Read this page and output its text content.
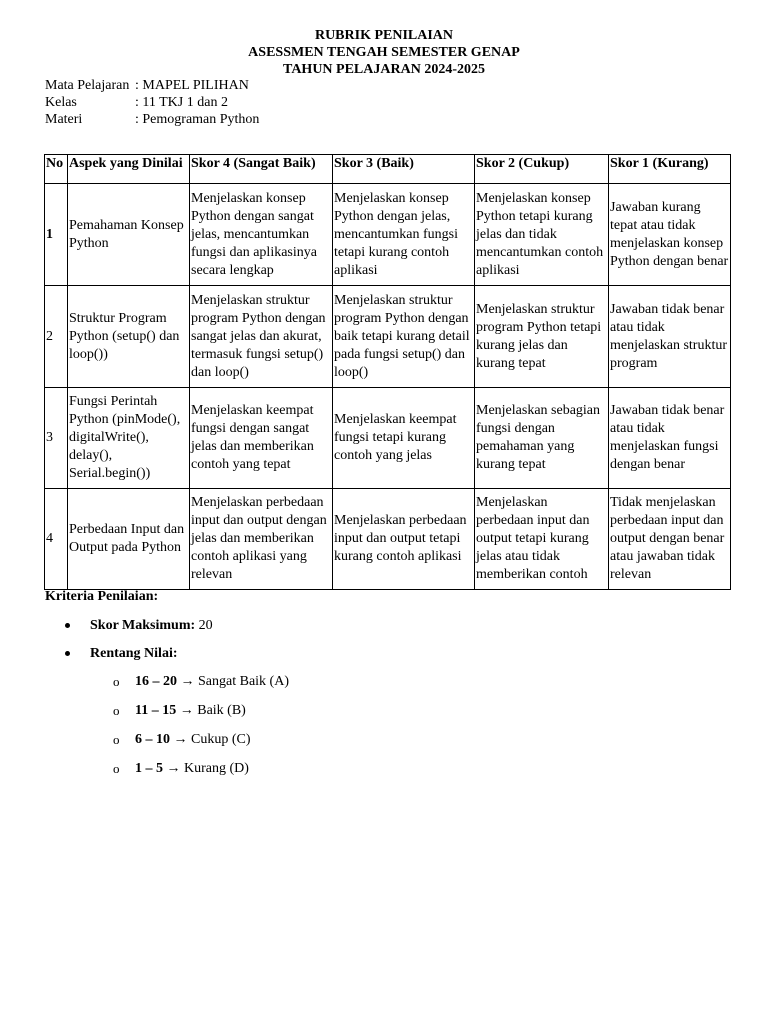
RUBRIK PENILAIAN
ASESSMEN TENGAH SEMESTER GENAP
TAHUN PELAJARAN 2024-2025
Mata Pelajaran : MAPEL PILIHAN
Kelas	: 11 TKJ 1 dan 2
Materi	: Pemograman Python
No	Aspek yang Dinilai	Skor 4 (Sangat Baik)	Skor 3 (Baik)	Skor 2 (Cukup)	Skor 1 (Kurang)
1	Pemahaman Konsep Python	Menjelaskan konsep Python dengan sangat jelas, mencantumkan fungsi dan aplikasinya secara lengkap	Menjelaskan konsep Python dengan jelas, mencantumkan fungsi tetapi kurang contoh aplikasi	Menjelaskan konsep Python tetapi kurang jelas dan tidak mencantumkan contoh aplikasi	Jawaban kurang tepat atau tidak menjelaskan konsep Python dengan benar
2	Struktur Program Python (setup() dan loop())	Menjelaskan struktur program Python dengan sangat jelas dan akurat, termasuk fungsi setup() dan loop()	Menjelaskan struktur program Python dengan baik tetapi kurang detail pada fungsi setup() dan loop()	Menjelaskan struktur program Python tetapi kurang jelas dan kurang tepat	Jawaban tidak benar atau tidak menjelaskan struktur program
3	Fungsi Perintah Python (pinMode(), digitalWrite(), delay(), Serial.begin())	Menjelaskan keempat fungsi dengan sangat jelas dan memberikan contoh yang tepat	Menjelaskan keempat fungsi tetapi kurang contoh yang jelas	Menjelaskan sebagian fungsi dengan pemahaman yang kurang tepat	Jawaban tidak benar atau tidak menjelaskan fungsi dengan benar
4	Perbedaan Input dan Output pada Python	Menjelaskan perbedaan input dan output dengan jelas dan memberikan contoh aplikasi yang relevan	Menjelaskan perbedaan input dan output tetapi kurang contoh aplikasi	Menjelaskan perbedaan input dan output tetapi kurang jelas atau tidak memberikan contoh	Tidak menjelaskan perbedaan input dan output dengan benar atau jawaban tidak relevan
Kriteria Penilaian:
Skor Maksimum: 20
Rentang Nilai:
o 16 – 20 → Sangat Baik (A)
o 11 – 15 → Baik (B)
o 6 – 10 → Cukup (C)
o 1 – 5 → Kurang (D)
